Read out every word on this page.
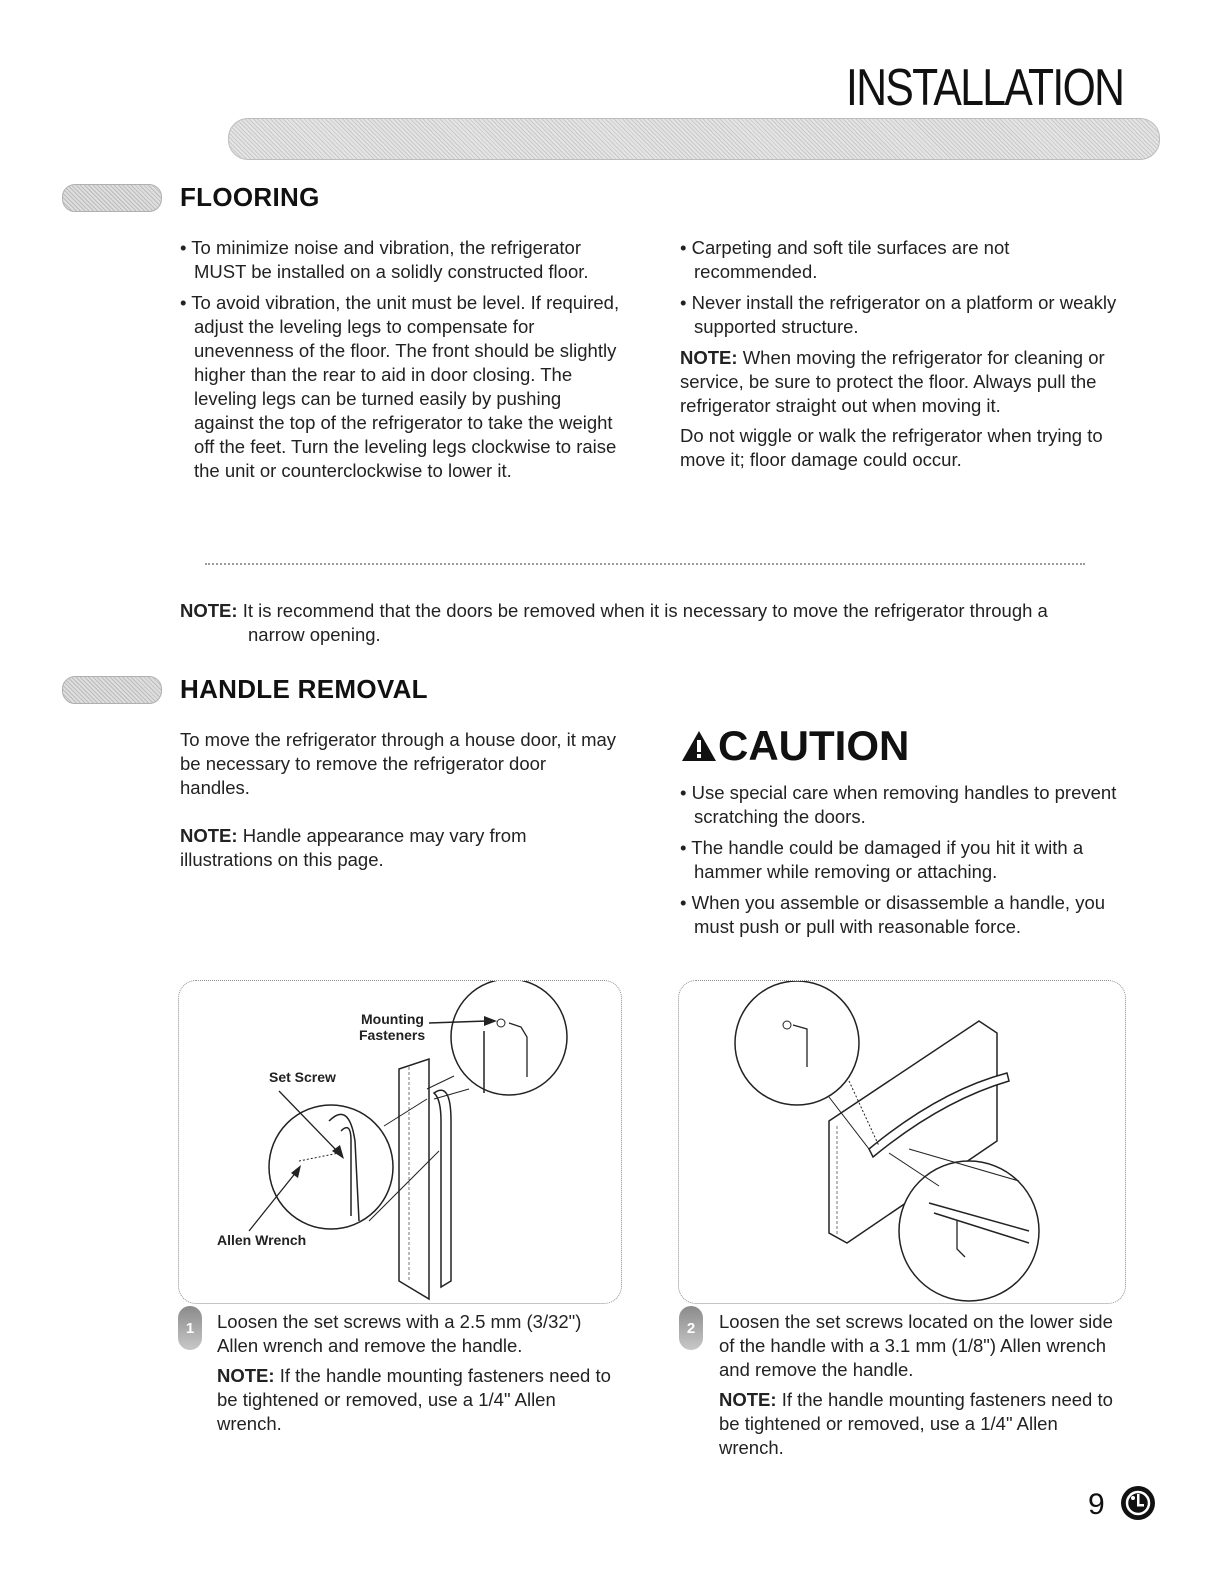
INSTALLATION
FLOORING

• To minimize noise and vibration, the refrigerator MUST be installed on a solidly constructed floor.

• To avoid vibration, the unit must be level. If required, adjust the leveling legs to compensate for unevenness of the floor. The front should be slightly higher than the rear to aid in door closing. The leveling legs can be turned easily by pushing against the top of the refrigerator to take the weight off the feet. Turn the leveling legs clockwise to raise the unit or counterclockwise to lower it.

• Carpeting and soft tile surfaces are not recommended.

• Never install the refrigerator on a platform or weakly supported structure.

NOTE: When moving the refrigerator for cleaning or service, be sure to protect the floor. Always pull the refrigerator straight out when moving it.

Do not wiggle or walk the refrigerator when trying to move it; floor damage could occur.

NOTE: It is recommend that the doors be removed when it is necessary to move the refrigerator through a

narrow opening.

HANDLE REMOVAL

To move the refrigerator through a house door, it may be necessary to remove the refrigerator door handles.

NOTE: Handle appearance may vary from illustrations on this page.

CAUTION

• Use special care when removing handles to prevent scratching the doors.

• The handle could be damaged if you hit it with a hammer while removing or attaching.

• When you assemble or disassemble a handle, you must push or pull with reasonable force.

Mounting
Fasteners
Set Screw
Allen Wrench
1	Loosen the set screws with a 2.5 mm (3/32") Allen wrench and remove the handle.

NOTE: If the handle mounting fasteners need to be tightened or removed, use a 1/4" Allen wrench.

2	Loosen the set screws located on the lower side of the handle with a 3.1 mm (1/8") Allen wrench and remove the handle.

NOTE: If the handle mounting fasteners need to be tightened or removed, use a 1/4" Allen wrench.

9
